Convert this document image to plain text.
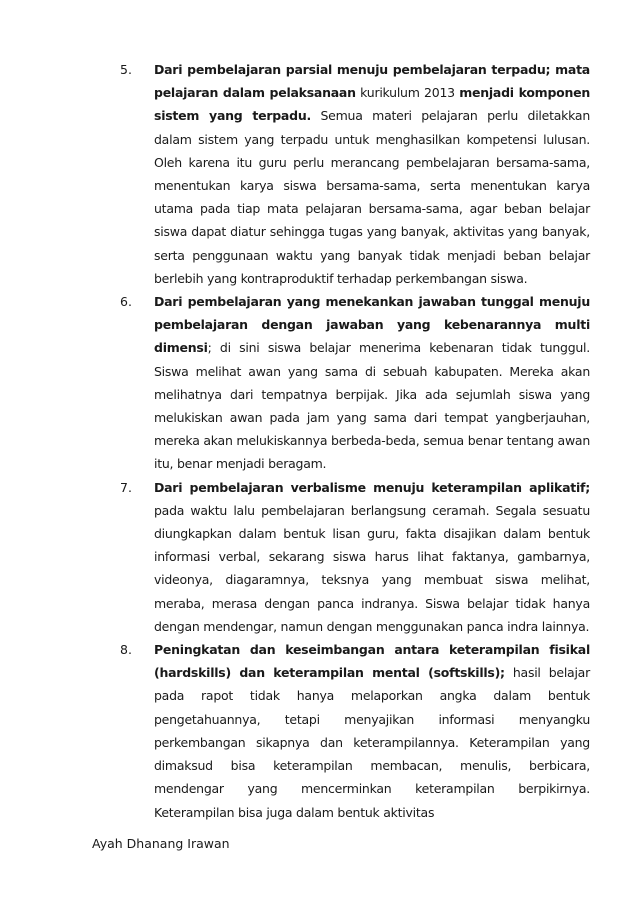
5.	Dari pembelajaran parsial menuju pembelajaran terpadu; mata pelajaran dalam pelaksanaan kurikulum 2013 menjadi komponen sistem yang terpadu. Semua materi pelajaran perlu diletakkan dalam sistem yang terpadu untuk menghasilkan kompetensi lulusan. Oleh karena itu guru perlu merancang pembelajaran bersama-sama, menentukan karya siswa bersama-sama, serta menentukan karya utama pada tiap mata pelajaran bersama-sama, agar beban belajar siswa dapat diatur sehingga tugas yang banyak, aktivitas yang banyak, serta penggunaan waktu yang banyak tidak menjadi beban belajar berlebih yang kontraproduktif terhadap perkembangan siswa.

6.	Dari pembelajaran yang menekankan jawaban tunggal menuju pembelajaran dengan jawaban yang kebenarannya multi dimensi; di sini siswa belajar menerima kebenaran tidak tunggul. Siswa melihat awan yang sama di sebuah kabupaten. Mereka akan melihatnya dari tempatnya berpijak. Jika ada sejumlah siswa yang melukiskan awan pada jam yang sama dari tempat yangberjauhan, mereka akan melukiskannya berbeda-beda, semua benar tentang awan itu, benar menjadi beragam.

7.	Dari pembelajaran verbalisme menuju keterampilan aplikatif; pada waktu lalu pembelajaran berlangsung ceramah. Segala sesuatu diungkapkan dalam bentuk lisan guru, fakta disajikan dalam bentuk informasi verbal, sekarang siswa harus lihat faktanya, gambarnya, videonya, diagaramnya, teksnya yang membuat siswa melihat, meraba, merasa dengan panca indranya. Siswa belajar tidak hanya dengan mendengar, namun dengan menggunakan panca indra lainnya.

8.	Peningkatan dan keseimbangan antara keterampilan fisikal (hardskills) dan keterampilan mental (softskills); hasil belajar pada rapot tidak hanya melaporkan angka dalam bentuk pengetahuannya, tetapi menyajikan informasi menyangku perkembangan sikapnya dan keterampilannya. Keterampilan yang dimaksud bisa keterampilan membacan, menulis, berbicara, mendengar yang mencerminkan keterampilan berpikirnya. Keterampilan bisa juga dalam bentuk aktivitas

Ayah Dhanang Irawan
